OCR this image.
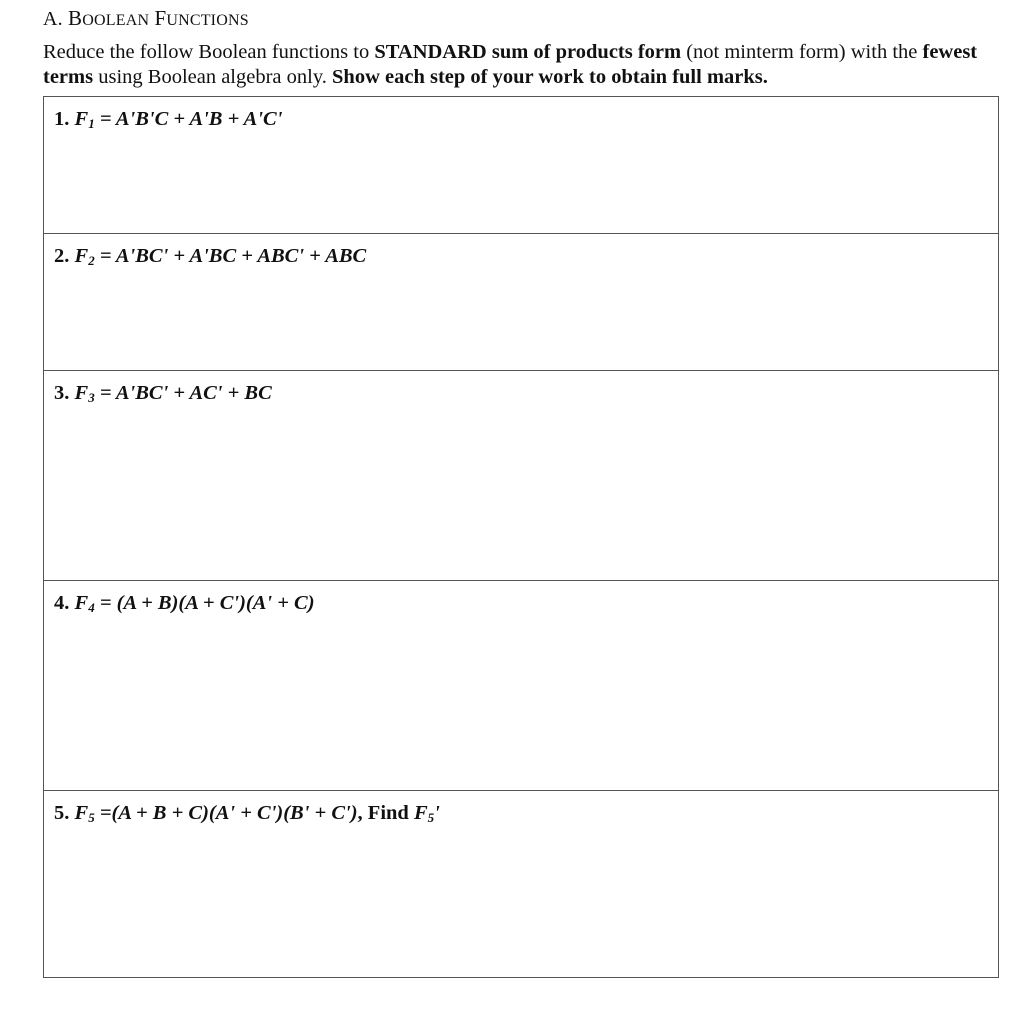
A. BOOLEAN FUNCTIONS
Reduce the follow Boolean functions to STANDARD sum of products form (not minterm form) with the fewest terms using Boolean algebra only. Show each step of your work to obtain full marks.
1. $F_1 = A'B'C + A'B + A'C'$
2. $F_2 = A'BC' + A'BC + ABC'$ + ABC
3. $F_3 = A'BC' + AC'$ + BC
4. $F_4 = (A + B)(A + C')(A' + C)$
5. $F_5 =(A + B + C)(A' + C')(B' + C')$, Find $F_5'$
